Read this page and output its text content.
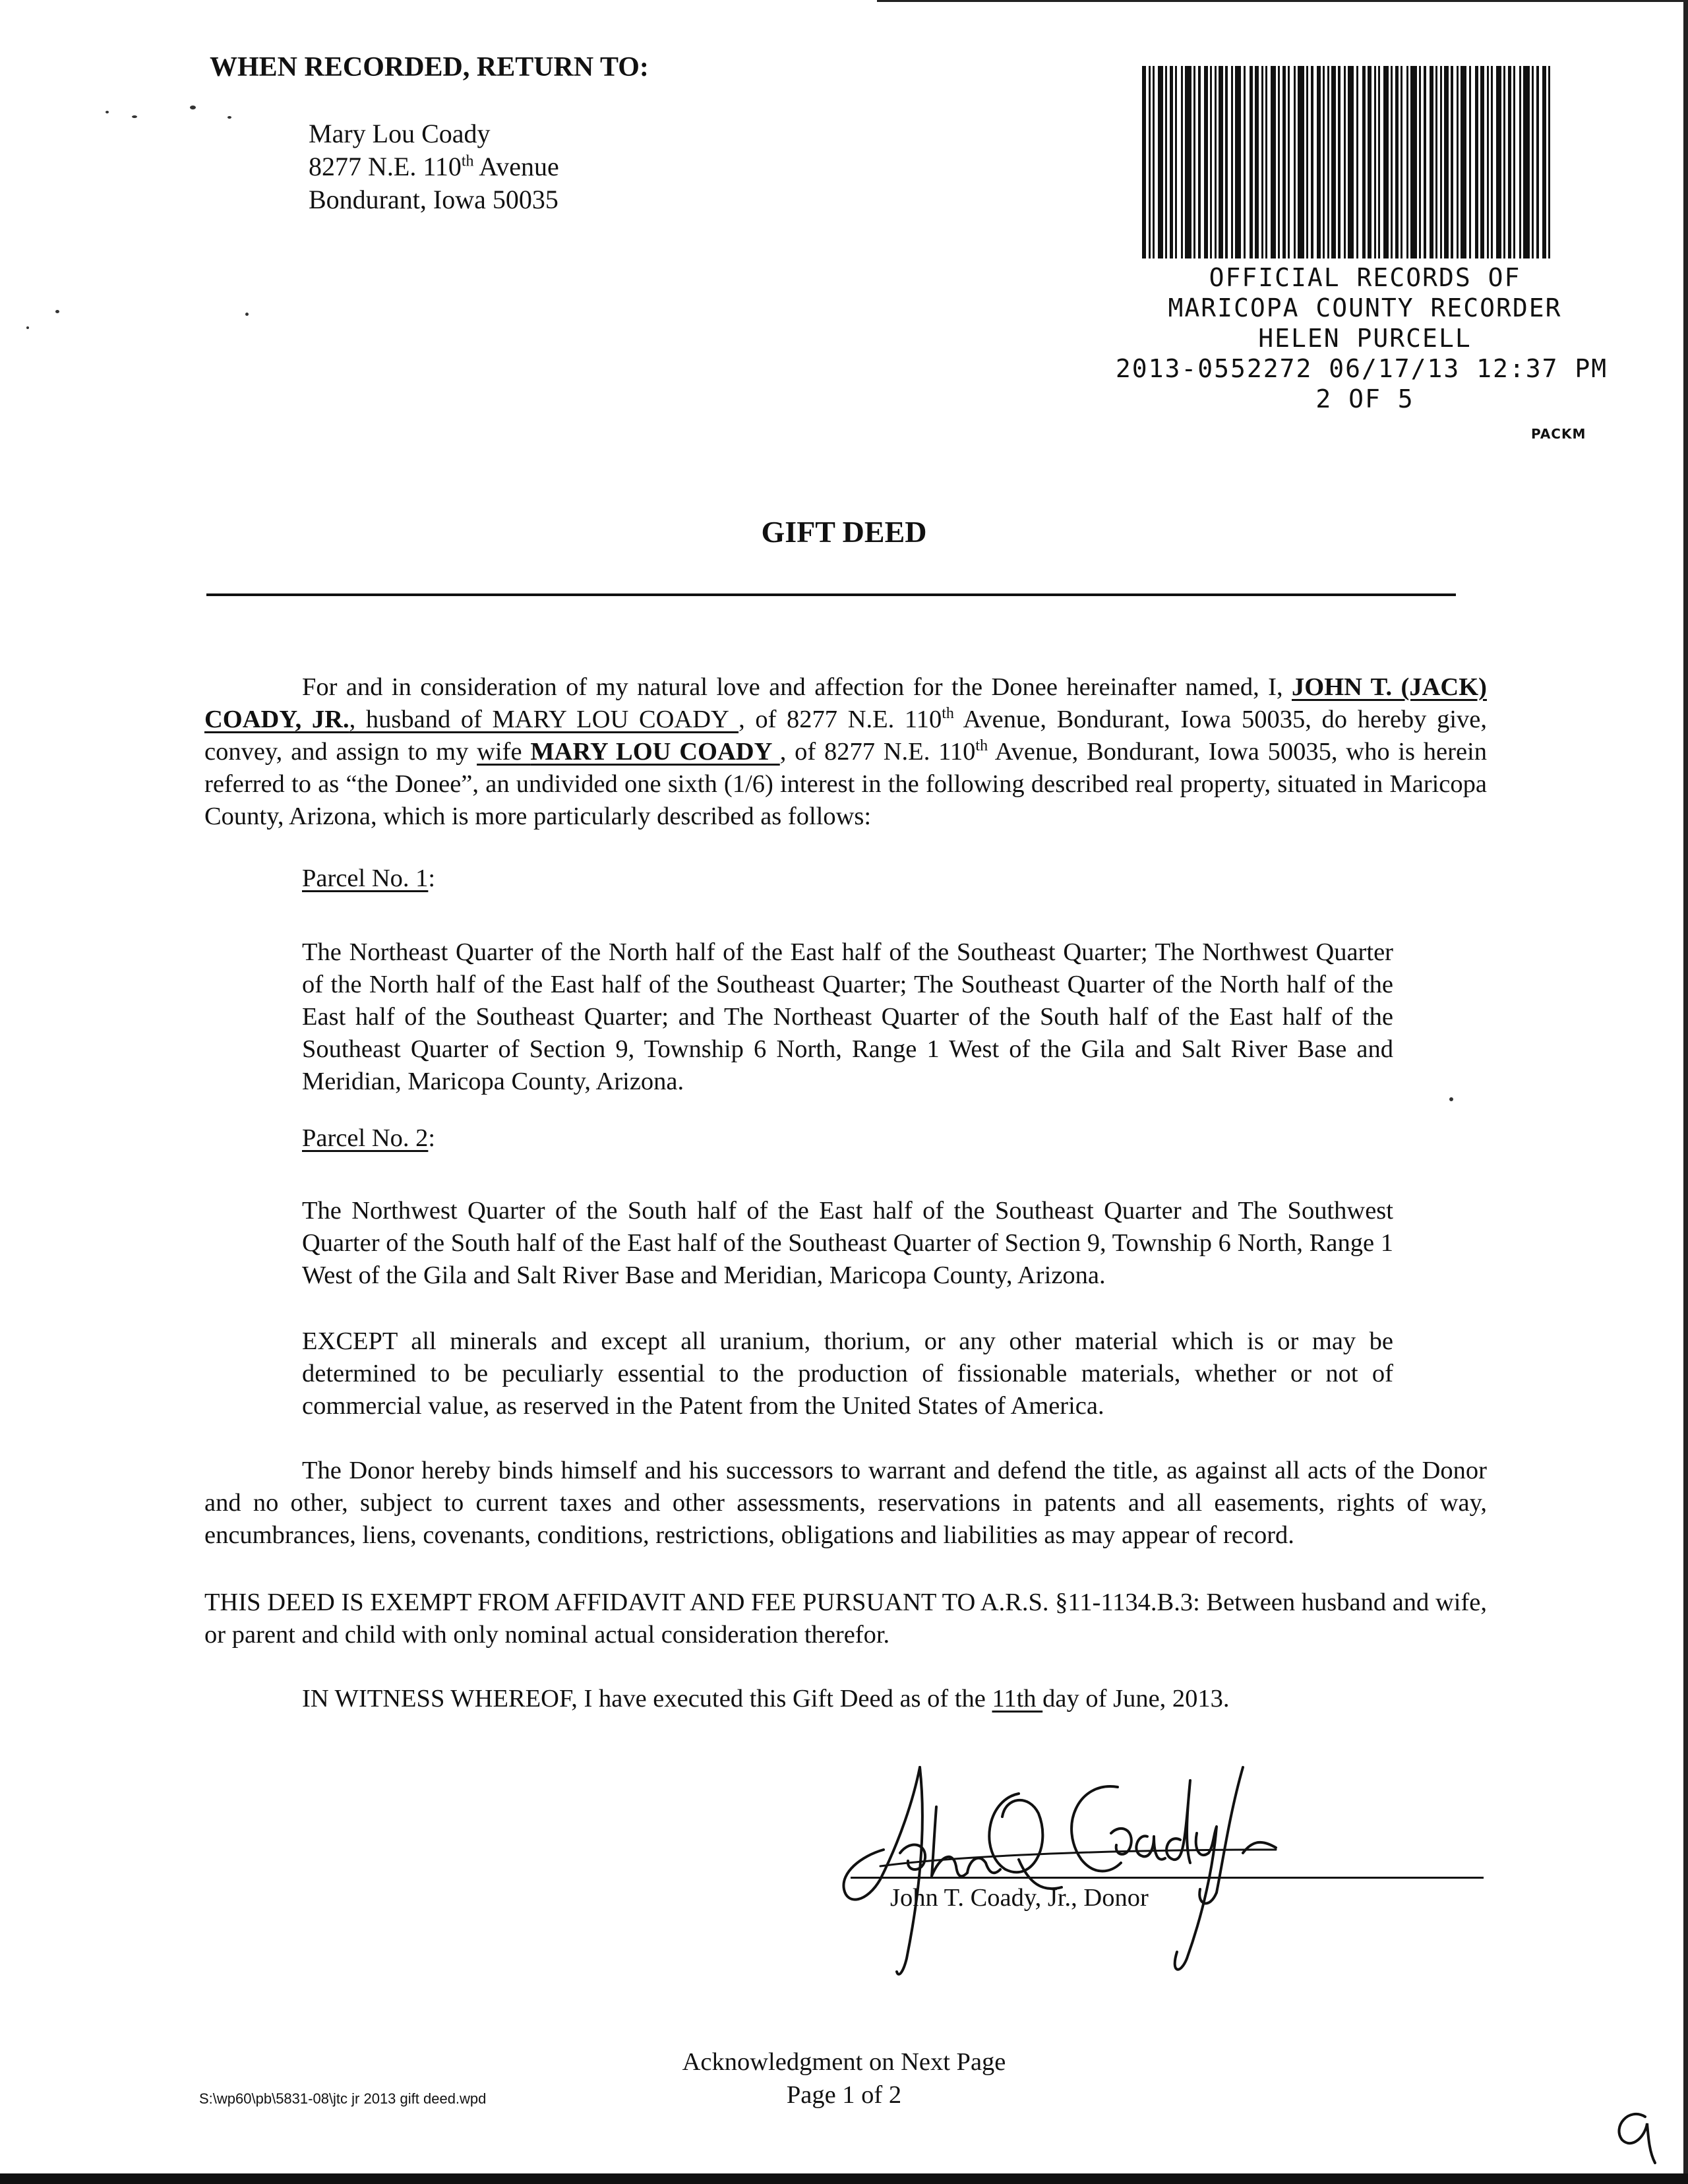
WHEN RECORDED, RETURN TO:
Mary Lou Coady
8277 N.E. 110th Avenue
Bondurant, Iowa 50035
OFFICIAL RECORDS OF
MARICOPA COUNTY RECORDER
HELEN PURCELL
2013-0552272 06/17/13 12:37 PM
2 OF 5
PACKM
GIFT DEED
For and in consideration of my natural love and affection for the Donee hereinafter named, I, JOHN T. (JACK) COADY, JR., husband of MARY LOU COADY , of 8277 N.E. 110th Avenue, Bondurant, Iowa 50035, do hereby give, convey, and assign to my wife MARY LOU COADY , of 8277 N.E. 110th Avenue, Bondurant, Iowa 50035, who is herein referred to as “the Donee”, an undivided one sixth (1/6) interest in the following described real property, situated in Maricopa County, Arizona, which is more particularly described as follows:
Parcel No. 1:
The Northeast Quarter of the North half of the East half of the Southeast Quarter; The Northwest Quarter of the North half of the East half of the Southeast Quarter; The Southeast Quarter of the North half of the East half of the Southeast Quarter; and The Northeast Quarter of the South half of the East half of the Southeast Quarter of Section 9, Township 6 North, Range 1 West of the Gila and Salt River Base and Meridian, Maricopa County, Arizona.
Parcel No. 2:
The Northwest Quarter of the South half of the East half of the Southeast Quarter and The Southwest Quarter of the South half of the East half of the Southeast Quarter of Section 9, Township 6 North, Range 1 West of the Gila and Salt River Base and Meridian, Maricopa County, Arizona.
EXCEPT all minerals and except all uranium, thorium, or any other material which is or may be determined to be peculiarly essential to the production of fissionable materials, whether or not of commercial value, as reserved in the Patent from the United States of America.
The Donor hereby binds himself and his successors to warrant and defend the title, as against all acts of the Donor and no other, subject to current taxes and other assessments, reservations in patents and all easements, rights of way, encumbrances, liens, covenants, conditions, restrictions, obligations and liabilities as may appear of record.
THIS DEED IS EXEMPT FROM AFFIDAVIT AND FEE PURSUANT TO A.R.S. §11-1134.B.3: Between husband and wife, or parent and child with only nominal actual consideration therefor.
IN WITNESS WHEREOF, I have executed this Gift Deed as of the 11th day of June, 2013.
John T. Coady, Jr., Donor
Acknowledgment on Next Page
Page 1 of 2
S:\wp60\pb\5831-08\jtc jr 2013 gift deed.wpd
